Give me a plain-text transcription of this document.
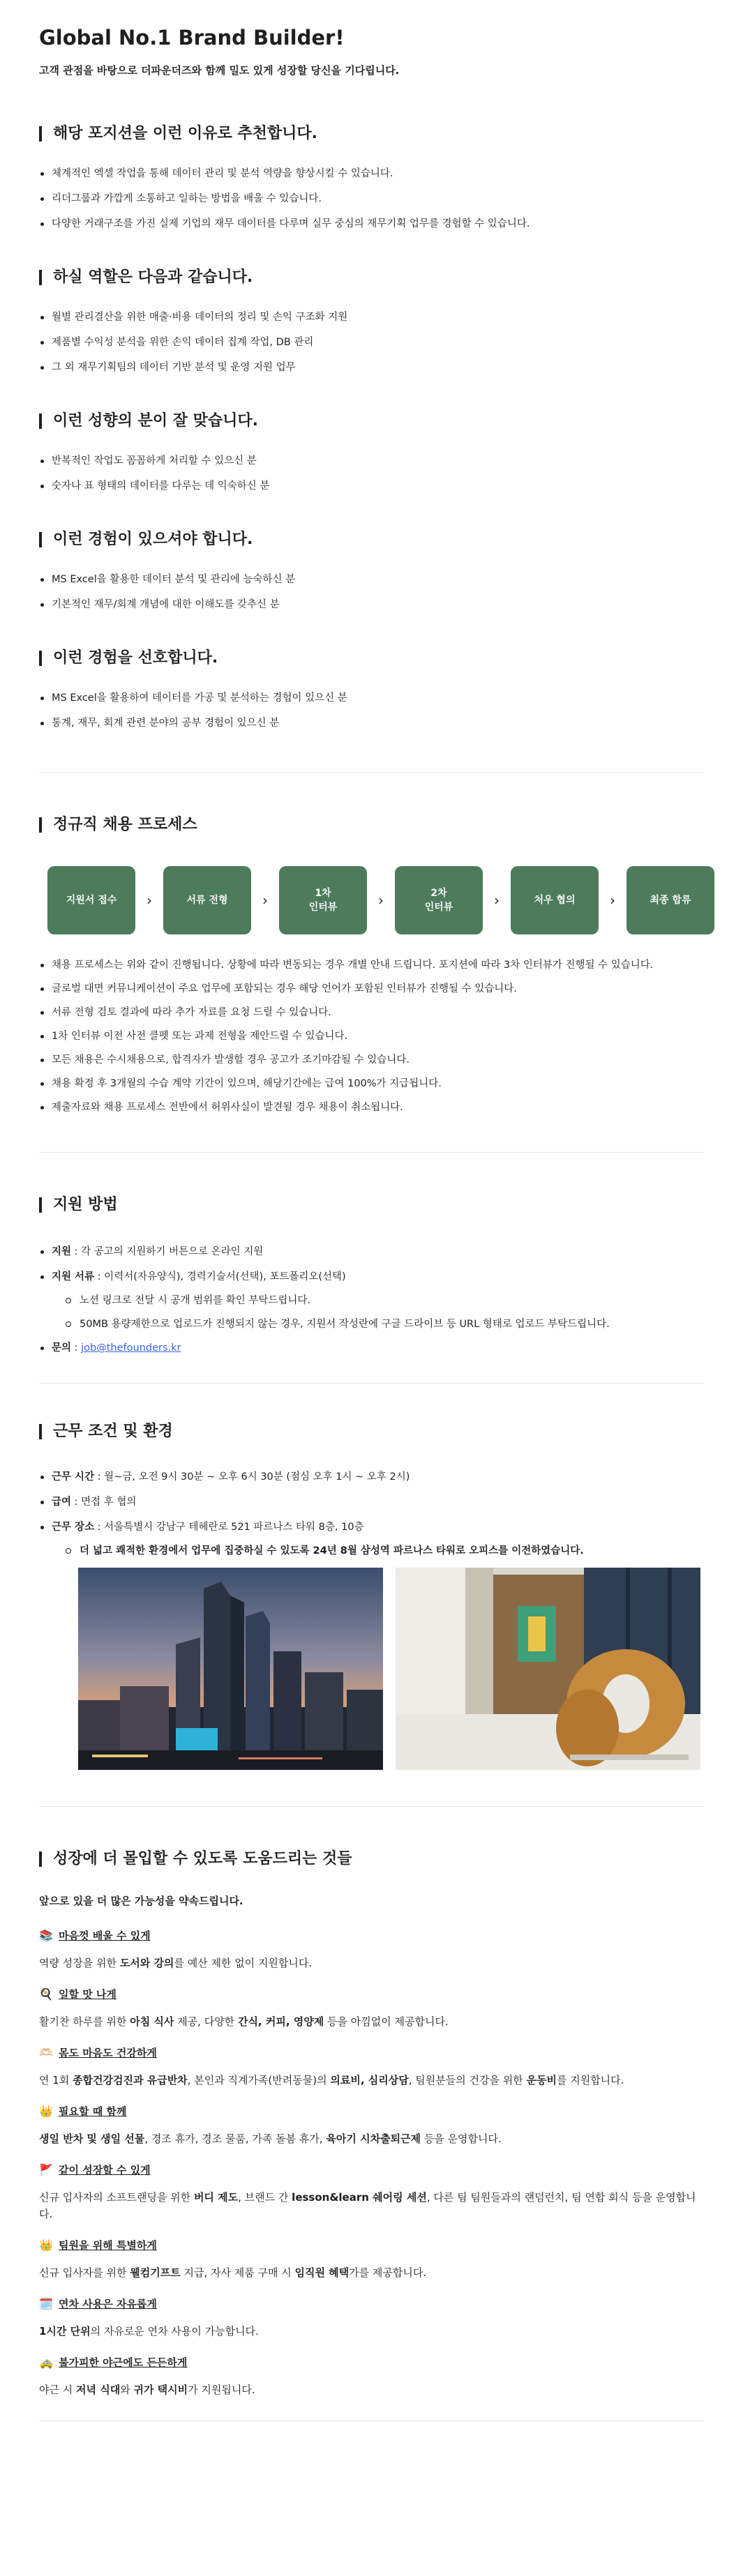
Global No.1 Brand Builder!

고객 관점을 바탕으로 더파운더즈와 함께 밀도 있게 성장할 당신을 기다립니다.

해당 포지션을 이런 이유로 추천합니다.
체계적인 엑셀 작업을 통해 데이터 관리 및 분석 역량을 향상시킬 수 있습니다.
리더그룹과 가깝게 소통하고 일하는 방법을 배울 수 있습니다.
다양한 거래구조를 가진 실제 기업의 재무 데이터를 다루며 실무 중심의 재무기획 업무를 경험할 수 있습니다.
하실 역할은 다음과 같습니다.
월별 관리결산을 위한 매출·비용 데이터의 정리 및 손익 구조화 지원
제품별 수익성 분석을 위한 손익 데이터 집계 작업, DB 관리
그 외 재무기획팀의 데이터 기반 분석 및 운영 지원 업무
이런 성향의 분이 잘 맞습니다.
반복적인 작업도 꼼꼼하게 처리할 수 있으신 분
숫자나 표 형태의 데이터를 다루는 데 익숙하신 분
이런 경험이 있으셔야 합니다.
MS Excel을 활용한 데이터 분석 및 관리에 능숙하신 분
기본적인 재무/회계 개념에 대한 이해도를 갖추신 분
이런 경험을 선호합니다.
MS Excel을 활용하여 데이터를 가공 및 분석하는 경험이 있으신 분
통계, 재무, 회계 관련 분야의 공부 경험이 있으신 분
정규직 채용 프로세스
지원서 접수	›	서류 전형	›	1차
인터뷰	›	2차
인터뷰	›	처우 협의	›	최종 합류
채용 프로세스는 위와 같이 진행됩니다. 상황에 따라 변동되는 경우 개별 안내 드립니다. 포지션에 따라 3차 인터뷰가 진행될 수 있습니다.
글로벌 대면 커뮤니케이션이 주요 업무에 포함되는 경우 해당 언어가 포함된 인터뷰가 진행될 수 있습니다.
서류 전형 검토 결과에 따라 추가 자료를 요청 드릴 수 있습니다.
1차 인터뷰 이전 사전 클펫 또는 과제 전형을 제안드릴 수 있습니다.
모든 채용은 수시채용으로, 합격자가 발생할 경우 공고가 조기마감될 수 있습니다.
채용 확정 후 3개월의 수습 계약 기간이 있으며, 해당기간에는 급여 100%가 지급됩니다.
제출자료와 채용 프로세스 전반에서 허위사실이 발견될 경우 채용이 취소됩니다.
지원 방법
지원 : 각 공고의 지원하기 버튼으로 온라인 지원
지원 서류 : 이력서(자유양식), 경력기술서(선택), 포트폴리오(선택)
노션 링크로 전달 시 공개 범위를 확인 부탁드립니다.
50MB 용량제한으로 업로드가 진행되지 않는 경우, 지원서 작성란에 구글 드라이브 등 URL 형태로 업로드 부탁드립니다.
문의 : job@thefounders.kr
근무 조건 및 환경
근무 시간 : 월~금, 오전 9시 30분 ~ 오후 6시 30분 (점심 오후 1시 ~ 오후 2시)
급여 : 면접 후 협의
근무 장소 : 서울특별시 강남구 테헤란로 521 파르나스 타워 8층, 10층
더 넓고 쾌적한 환경에서 업무에 집중하실 수 있도록 24년 8월 삼성역 파르나스 타워로 오피스를 이전하였습니다.
성장에 더 몰입할 수 있도록 도움드리는 것들

앞으로 있을 더 많은 가능성을 약속드립니다.

📚 마음껏 배울 수 있게

역량 성장을 위한 도서와 강의를 예산 제한 없이 지원합니다.

🍳 일할 맛 나게

활기찬 하루를 위한 아침 식사 제공, 다양한 간식, 커피, 영양제 등을 아낌없이 제공합니다.

🫶🏻 몸도 마음도 건강하게

연 1회 종합건강검진과 유급반차, 본인과 직계가족(반려동물)의 의료비, 심리상담, 팀원분들의 건강을 위한 운동비를 지원합니다.

👑 필요할 때 함께

생일 반차 및 생일 선물, 경조 휴가, 경조 물품, 가족 돌봄 휴가, 육아기 시차출퇴근제 등을 운영합니다.

🚩 같이 성장할 수 있게

신규 입사자의 소프트랜딩을 위한 버디 제도, 브랜드 간 lesson&learn 쉐어링 세션, 다른 팀 팀원들과의 랜덤런치, 팀 연합 회식 등을 운영합니다.

👑 팀원을 위해 특별하게

신규 입사자를 위한 웰컴기프트 지급, 자사 제품 구매 시 임직원 혜택가를 제공합니다.

🗓️ 연차 사용은 자유롭게

1시간 단위의 자유로운 연차 사용이 가능합니다.

🚕 불가피한 야근에도 든든하게

야근 시 저녁 식대와 귀가 택시비가 지원됩니다.
